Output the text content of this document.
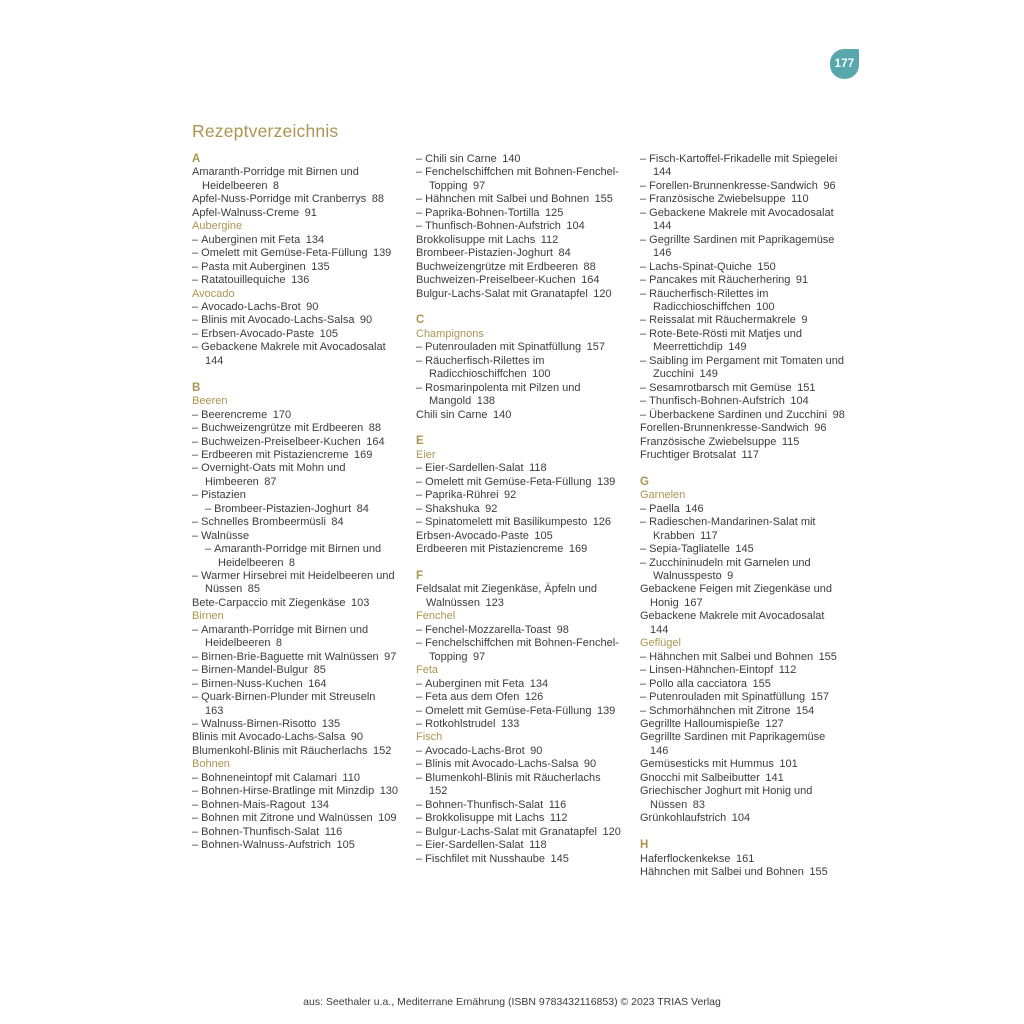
177
Rezeptverzeichnis
A
Amaranth-Porridge mit Birnen und Heidelbeeren 8
Apfel-Nuss-Porridge mit Cranberrys 88
Apfel-Walnuss-Creme 91
Aubergine
– Auberginen mit Feta 134
– Omelett mit Gemüse-Feta-Füllung 139
– Pasta mit Auberginen 135
– Ratatouillequiche 136
Avocado
– Avocado-Lachs-Brot 90
– Blinis mit Avocado-Lachs-Salsa 90
– Erbsen-Avocado-Paste 105
– Gebackene Makrele mit Avocadosalat 144
B
Beeren
– Beerencreme 170
– Buchweizengrütze mit Erdbeeren 88
– Buchweizen-Preiselbeer-Kuchen 164
– Erdbeeren mit Pistaziencreme 169
– Overnight-Oats mit Mohn und Himbeeren 87
– Pistazien
– Brombeer-Pistazien-Joghurt 84
– Schnelles Brombeermüsli 84
– Walnüsse
– Amaranth-Porridge mit Birnen und Heidelbeeren 8
– Warmer Hirsebrei mit Heidelbeeren und Nüssen 85
Bete-Carpaccio mit Ziegenkäse 103
Birnen
– Amaranth-Porridge mit Birnen und Heidelbeeren 8
– Birnen-Brie-Baguette mit Walnüssen 97
– Birnen-Mandel-Bulgur 85
– Birnen-Nuss-Kuchen 164
– Quark-Birnen-Plunder mit Streuseln 163
– Walnuss-Birnen-Risotto 135
Blinis mit Avocado-Lachs-Salsa 90
Blumenkohl-Blinis mit Räucherlachs 152
Bohnen
– Bohneneintopf mit Calamari 110
– Bohnen-Hirse-Bratlinge mit Minzdip 130
– Bohnen-Mais-Ragout 134
– Bohnen mit Zitrone und Walnüssen 109
– Bohnen-Thunfisch-Salat 116
– Bohnen-Walnuss-Aufstrich 105
– Chili sin Carne 140
– Fenchelschiffchen mit Bohnen-Fenchel-Topping 97
– Hähnchen mit Salbei und Bohnen 155
– Paprika-Bohnen-Tortilla 125
– Thunfisch-Bohnen-Aufstrich 104
Brokkolisuppe mit Lachs 112
Brombeer-Pistazien-Joghurt 84
Buchweizengrütze mit Erdbeeren 88
Buchweizen-Preiselbeer-Kuchen 164
Bulgur-Lachs-Salat mit Granatapfel 120
C
Champignons
– Putenrouladen mit Spinatfüllung 157
– Räucherfisch-Rilettes im Radicchioschiffchen 100
– Rosmarinpolenta mit Pilzen und Mangold 138
Chili sin Carne 140
E
Eier
– Eier-Sardellen-Salat 118
– Omelett mit Gemüse-Feta-Füllung 139
– Paprika-Rührei 92
– Shakshuka 92
– Spinatomelett mit Basilikumpesto 126
Erbsen-Avocado-Paste 105
Erdbeeren mit Pistaziencreme 169
F
Feldsalat mit Ziegenkäse, Äpfeln und Walnüssen 123
Fenchel
– Fenchel-Mozzarella-Toast 98
– Fenchelschiffchen mit Bohnen-Fenchel-Topping 97
Feta
– Auberginen mit Feta 134
– Feta aus dem Ofen 126
– Omelett mit Gemüse-Feta-Füllung 139
– Rotkohlstrudel 133
Fisch
– Avocado-Lachs-Brot 90
– Blinis mit Avocado-Lachs-Salsa 90
– Blumenkohl-Blinis mit Räucherlachs 152
– Bohnen-Thunfisch-Salat 116
– Brokkolisuppe mit Lachs 112
– Bulgur-Lachs-Salat mit Granatapfel 120
– Eier-Sardellen-Salat 118
– Fischfilet mit Nusshaube 145
– Fisch-Kartoffel-Frikadelle mit Spiegelei 144
– Forellen-Brunnenkresse-Sandwich 96
– Französische Zwiebelsuppe 110
– Gebackene Makrele mit Avocadosalat 144
– Gegrillte Sardinen mit Paprikagemüse 146
– Lachs-Spinat-Quiche 150
– Pancakes mit Räucherhering 91
– Räucherfisch-Rilettes im Radicchioschiffchen 100
– Reissalat mit Räuchermakrele 9
– Rote-Bete-Rösti mit Matjes und Meerrettichdip 149
– Saibling im Pergament mit Tomaten und Zucchini 149
– Sesamrotbarsch mit Gemüse 151
– Thunfisch-Bohnen-Aufstrich 104
– Überbackene Sardinen und Zucchini 98
Forellen-Brunnenkresse-Sandwich 96
Französische Zwiebelsuppe 115
Fruchtiger Brotsalat 117
G
Garnelen
– Paella 146
– Radieschen-Mandarinen-Salat mit Krabben 117
– Sepia-Tagliatelle 145
– Zucchininudeln mit Garnelen und Walnusspesto 9
Gebackene Feigen mit Ziegenkäse und Honig 167
Gebackene Makrele mit Avocadosalat 144
Geflügel
– Hähnchen mit Salbei und Bohnen 155
– Linsen-Hähnchen-Eintopf 112
– Pollo alla cacciatora 155
– Putenrouladen mit Spinatfüllung 157
– Schmorhähnchen mit Zitrone 154
Gegrillte Halloumispieße 127
Gegrillte Sardinen mit Paprikagemüse 146
Gemüsesticks mit Hummus 101
Gnocchi mit Salbeibutter 141
Griechischer Joghurt mit Honig und Nüssen 83
Grünkohlaufstrich 104
H
Haferflockenkekse 161
Hähnchen mit Salbei und Bohnen 155
aus: Seethaler u.a., Mediterrane Ernährung (ISBN 9783432116853) © 2023 TRIAS Verlag
